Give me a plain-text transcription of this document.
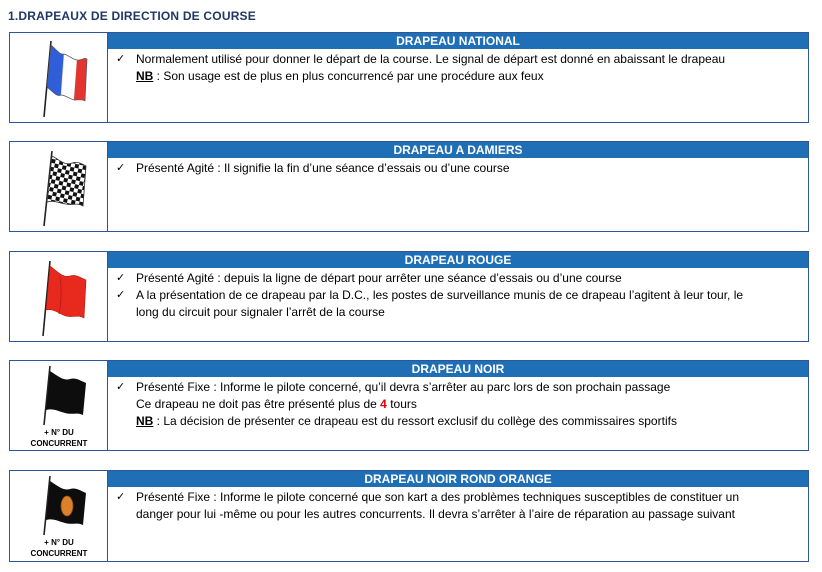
1.DRAPEAUX DE DIRECTION DE COURSE
DRAPEAU NATIONAL
✓ Normalement utilisé pour donner le départ de la course. Le signal de départ est donné en abaissant le drapeau
NB : Son usage est de plus en plus concurrencé par une procédure aux feux
DRAPEAU A DAMIERS
✓ Présenté Agité : Il signifie la fin d’une séance d’essais ou d’une course
DRAPEAU ROUGE
✓ Présenté Agité : depuis la ligne de départ pour arrêter une séance d’essais ou d’une course
✓ A la présentation de ce drapeau par la D.C., les postes de surveillance munis de ce drapeau l’agitent à leur tour, le
long du circuit pour signaler l’arrêt de la course
+ N° DU
CONCURRENT
DRAPEAU NOIR
✓ Présenté Fixe : Informe le pilote concerné, qu’il devra s’arrêter au parc lors de son prochain passage
Ce drapeau ne doit pas être présenté plus de 4 tours
NB : La décision de présenter ce drapeau est du ressort exclusif du collège des commissaires sportifs
+ N° DU
CONCURRENT
DRAPEAU NOIR ROND ORANGE
✓ Présenté Fixe : Informe le pilote concerné que son kart a des problèmes techniques susceptibles de constituer un
danger pour lui -même ou pour les autres concurrents. Il devra s’arrêter à l’aire de réparation au passage suivant
